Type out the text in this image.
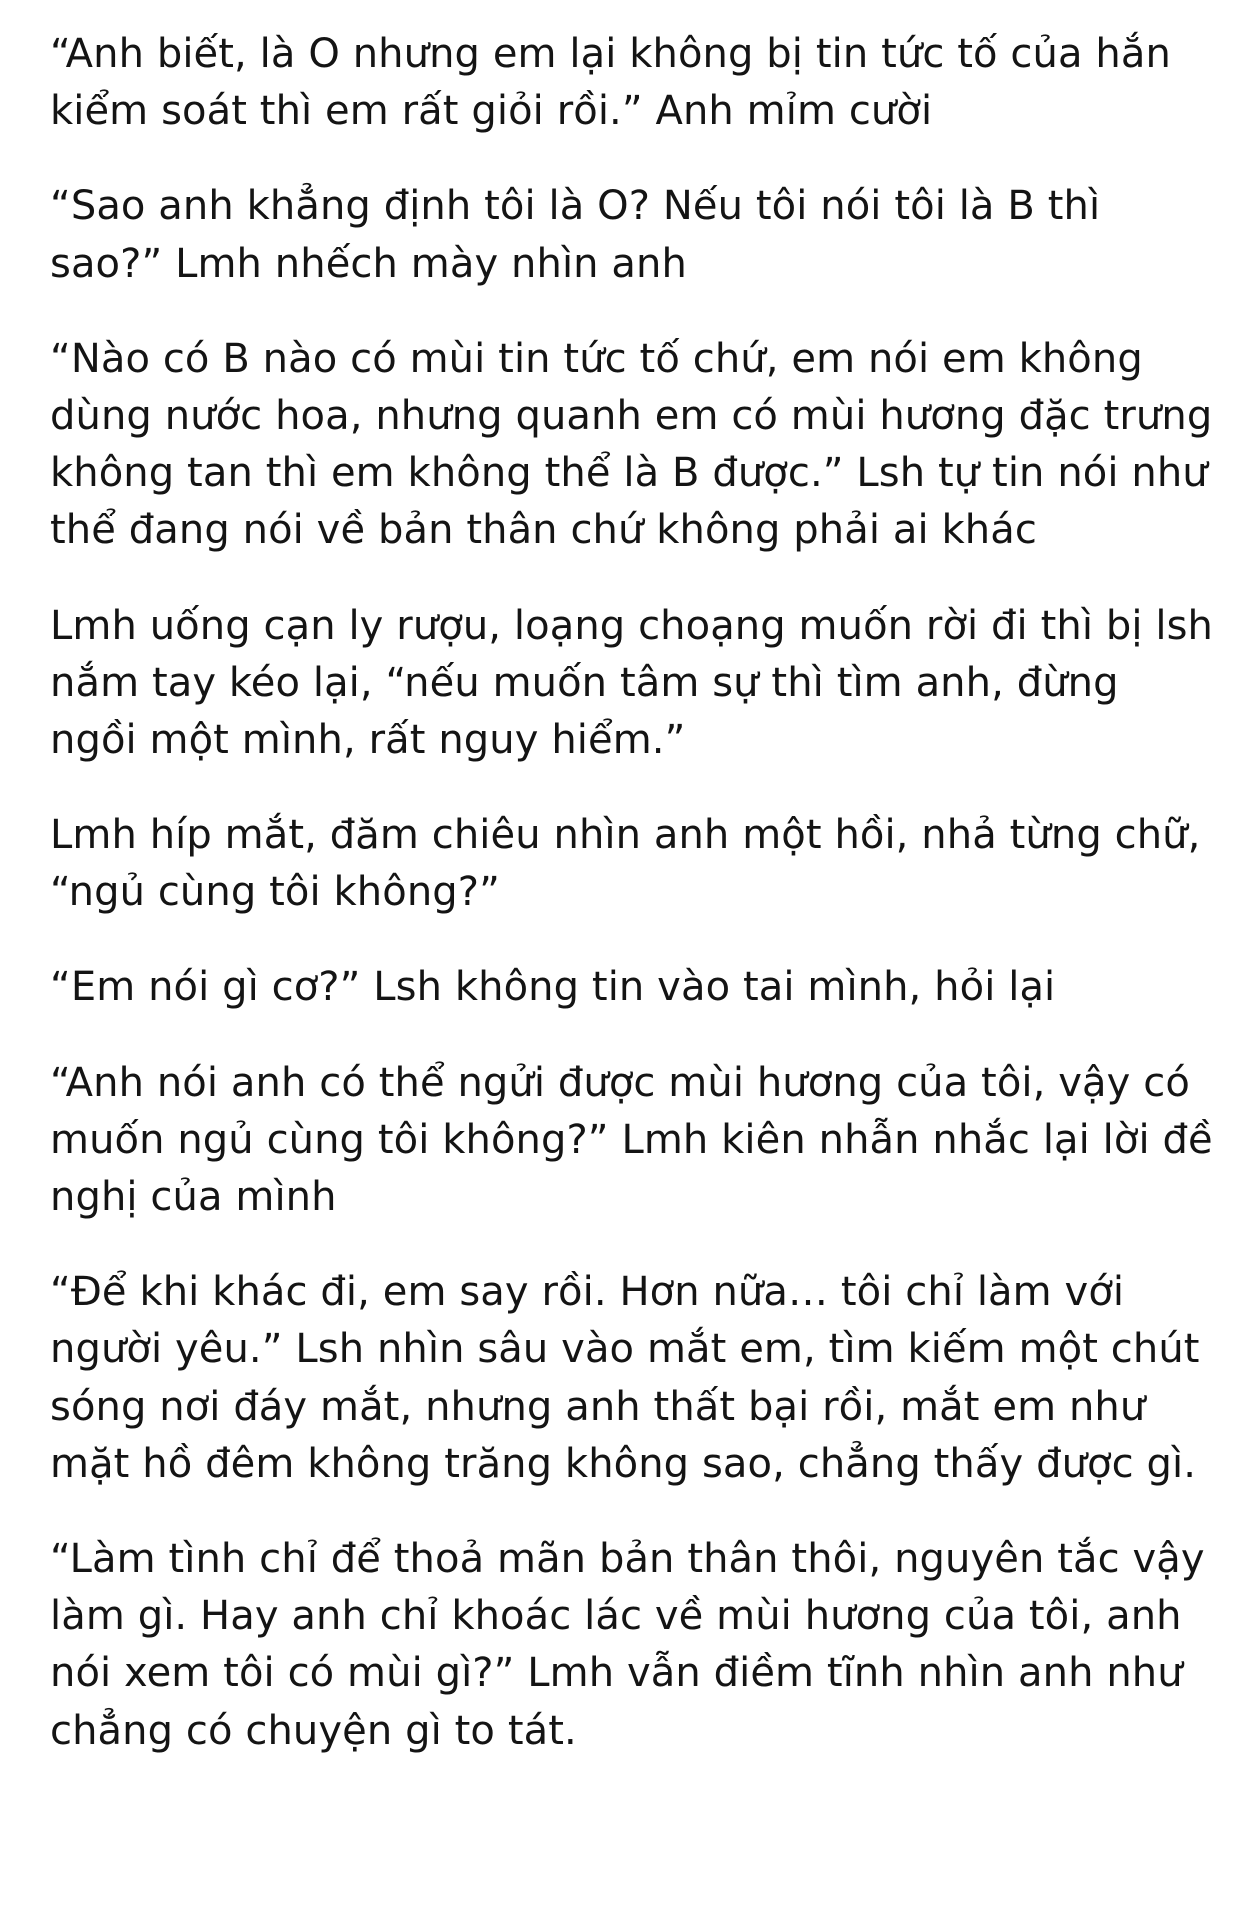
“Anh biết, là O nhưng em lại không bị tin tức tố của hắn kiểm soát thì em rất giỏi rồi.” Anh mỉm cười

“Sao anh khẳng định tôi là O? Nếu tôi nói tôi là B thì sao?” Lmh nhếch mày nhìn anh

“Nào có B nào có mùi tin tức tố chứ, em nói em không dùng nước hoa, nhưng quanh em có mùi hương đặc trưng không tan thì em không thể là B được.” Lsh tự tin nói như thể đang nói về bản thân chứ không phải ai khác

Lmh uống cạn ly rượu, loạng choạng muốn rời đi thì bị lsh nắm tay kéo lại, “nếu muốn tâm sự thì tìm anh, đừng ngồi một mình, rất nguy hiểm.”

Lmh híp mắt, đăm chiêu nhìn anh một hồi, nhả từng chữ, “ngủ cùng tôi không?”

“Em nói gì cơ?” Lsh không tin vào tai mình, hỏi lại

“Anh nói anh có thể ngửi được mùi hương của tôi, vậy có muốn ngủ cùng tôi không?” Lmh kiên nhẫn nhắc lại lời đề nghị của mình

“Để khi khác đi, em say rồi. Hơn nữa… tôi chỉ làm với người yêu.” Lsh nhìn sâu vào mắt em, tìm kiếm một chút sóng nơi đáy mắt, nhưng anh thất bại rồi, mắt em như mặt hồ đêm không trăng không sao, chẳng thấy được gì.

“Làm tình chỉ để thoả mãn bản thân thôi, nguyên tắc vậy làm gì. Hay anh chỉ khoác lác về mùi hương của tôi, anh nói xem tôi có mùi gì?” Lmh vẫn điềm tĩnh nhìn anh như chẳng có chuyện gì to tát.
